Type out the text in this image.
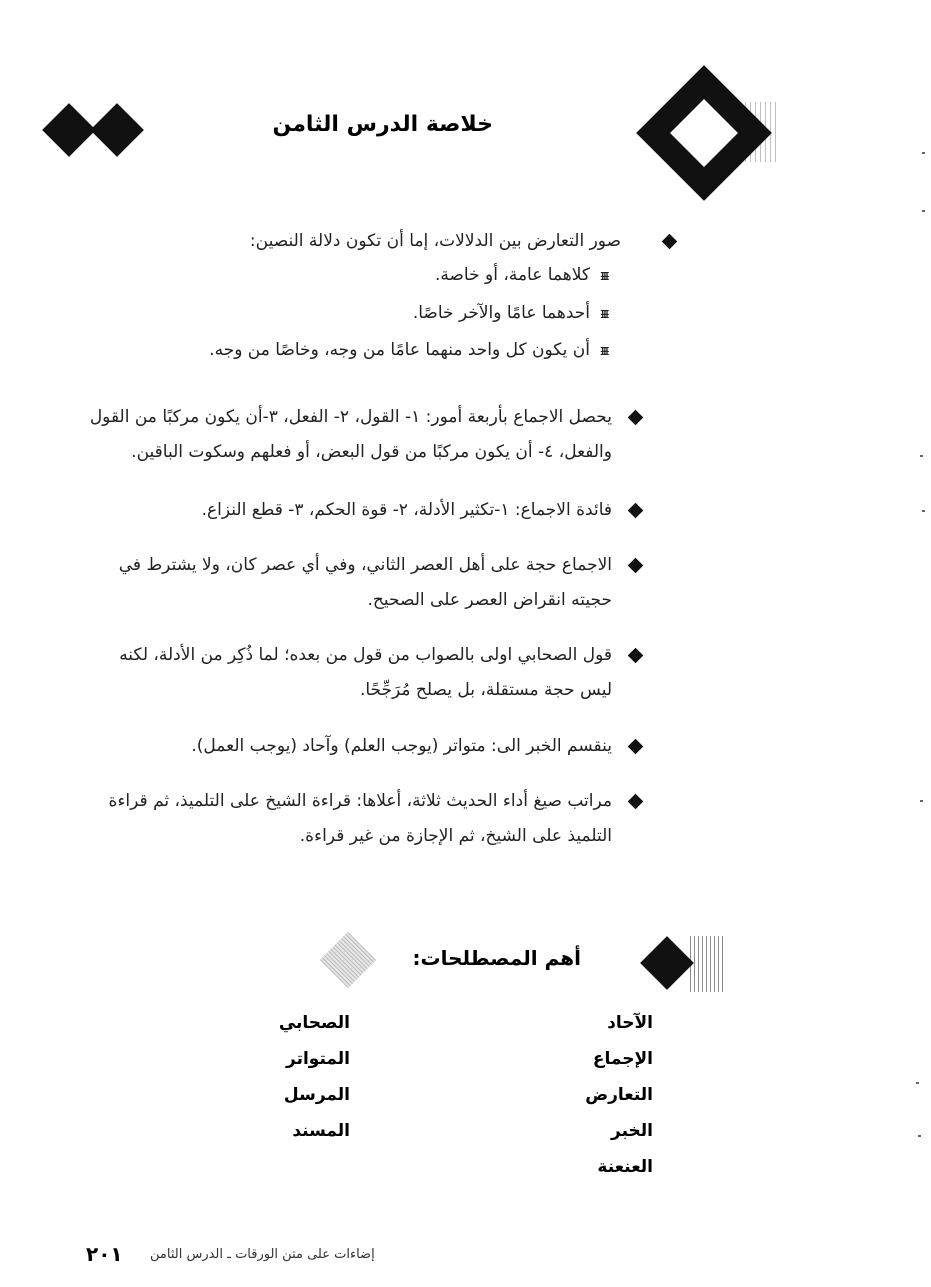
خلاصة الدرس الثامن
صور التعارض بين الدلالات، إما أن تكون دلالة النصين:
ᵻᵻᵻ
كلاهما عامة، أو خاصة.
ᵻᵻᵻ
أحدهما عامًا والآخر خاصًا.
ᵻᵻᵻ
أن يكون كل واحد منهما عامًا من وجه، وخاصًا من وجه.
يحصل الاجماع بأربعة أمور: ١- القول، ٢- الفعل، ٣-أن يكون مركبًا من القول والفعل، ٤- أن يكون مركبًا من قول البعض، أو فعلهم وسكوت الباقين.
فائدة الاجماع: ١-تكثير الأدلة، ٢- قوة الحكم، ٣- قطع النزاع.
الاجماع حجة على أهل العصر الثاني، وفي أي عصر كان، ولا يشترط في حجيته انقراض العصر على الصحيح.
قول الصحابي اولى بالصواب من قول من بعده؛ لما ذُكِر من الأدلة، لكنه ليس حجة مستقلة، بل يصلح مُرَجِّحًا.
ينقسم الخبر الى: متواتر (يوجب العلم) وآحاد (يوجب العمل).
مراتب صيغ أداء الحديث ثلاثة، أعلاها: قراءة الشيخ على التلميذ، ثم قراءة التلميذ على الشيخ، ثم الإجازة من غير قراءة.
أهم المصطلحات:
الآحاد
الإجماع
التعارض
الخبر
العنعنة
الصحابي
المتواتر
المرسل
المسند
٢٠١ إضاءات على متن الورقات ـ الدرس الثامن
